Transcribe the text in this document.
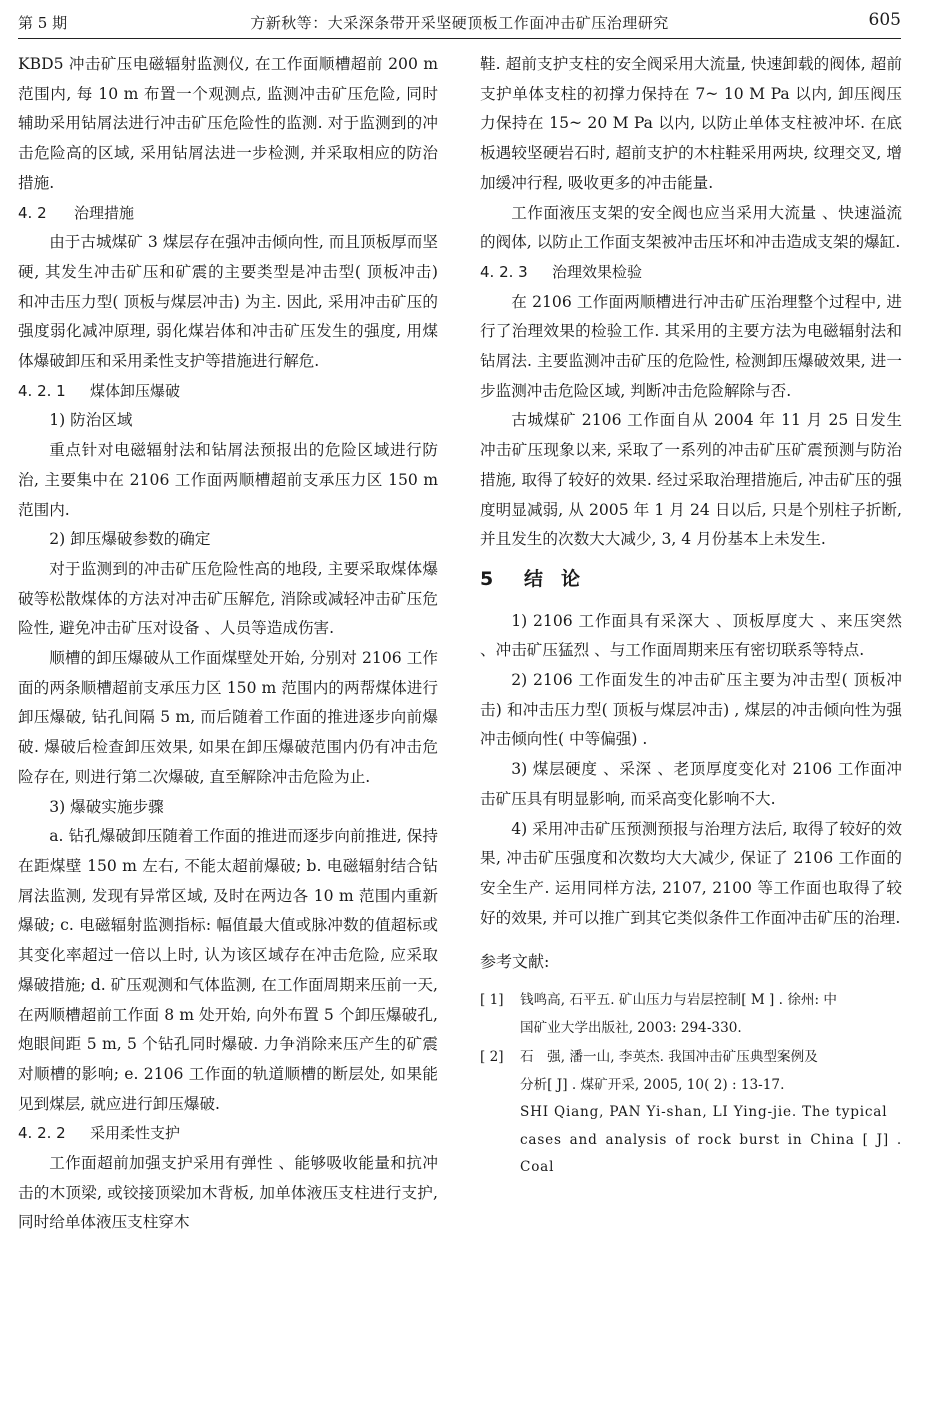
第 5 期	方新秋等：大采深条带开采坚硬顶板工作面冲击矿压治理研究	605

KBD5 冲击矿压电磁辐射监测仪, 在工作面顺槽超前 200 m 范围内, 每 10 m 布置一个观测点, 监测冲击矿压危险, 同时辅助采用钻屑法进行冲击矿压危险性的监测. 对于监测到的冲击危险高的区域, 采用钻屑法进一步检测, 并采取相应的防治措施.

4. 2 治理措施

由于古城煤矿 3 煤层存在强冲击倾向性, 而且顶板厚而坚硬, 其发生冲击矿压和矿震的主要类型是冲击型( 顶板冲击) 和冲击压力型( 顶板与煤层冲击) 为主. 因此, 采用冲击矿压的强度弱化减冲原理, 弱化煤岩体和冲击矿压发生的强度, 用煤体爆破卸压和采用柔性支护等措施进行解危.

4. 2. 1 煤体卸压爆破

1) 防治区域

重点针对电磁辐射法和钻屑法预报出的危险区域进行防治, 主要集中在 2106 工作面两顺槽超前支承压力区 150 m 范围内.

2) 卸压爆破参数的确定

对于监测到的冲击矿压危险性高的地段, 主要采取煤体爆破等松散煤体的方法对冲击矿压解危, 消除或减轻冲击矿压危险性, 避免冲击矿压对设备 、人员等造成伤害.

顺槽的卸压爆破从工作面煤壁处开始, 分别对 2106 工作面的两条顺槽超前支承压力区 150 m 范围内的两帮煤体进行卸压爆破, 钻孔间隔 5 m, 而后随着工作面的推进逐步向前爆破. 爆破后检查卸压效果, 如果在卸压爆破范围内仍有冲击危险存在, 则进行第二次爆破, 直至解除冲击危险为止.

3) 爆破实施步骤

a. 钻孔爆破卸压随着工作面的推进而逐步向前推进, 保持在距煤壁 150 m 左右, 不能太超前爆破; b. 电磁辐射结合钻屑法监测, 发现有异常区域, 及时在两边各 10 m 范围内重新爆破; c. 电磁辐射监测指标: 幅值最大值或脉冲数的值超标或其变化率超过一倍以上时, 认为该区域存在冲击危险, 应采取爆破措施; d. 矿压观测和气体监测, 在工作面周期来压前一天, 在两顺槽超前工作面 8 m 处开始, 向外布置 5 个卸压爆破孔, 炮眼间距 5 m, 5 个钻孔同时爆破. 力争消除来压产生的矿震对顺槽的影响; e. 2106 工作面的轨道顺槽的断层处, 如果能见到煤层, 就应进行卸压爆破.

4. 2. 2 采用柔性支护

工作面超前加强支护采用有弹性 、能够吸收能量和抗冲击的木顶梁, 或铰接顶梁加木背板, 加单体液压支柱进行支护, 同时给单体液压支柱穿木

鞋. 超前支护支柱的安全阀采用大流量, 快速卸载的阀体, 超前支护单体支柱的初撑力保持在 7~ 10 M Pa 以内, 卸压阀压力保持在 15~ 20 M Pa 以内, 以防止单体支柱被冲坏. 在底板遇较坚硬岩石时, 超前支护的木柱鞋采用两块, 纹理交叉, 增加缓冲行程, 吸收更多的冲击能量.

工作面液压支架的安全阀也应当采用大流量 、快速溢流的阀体, 以防止工作面支架被冲击压坏和冲击造成支架的爆缸.

4. 2. 3 治理效果检验

在 2106 工作面两顺槽进行冲击矿压治理整个过程中, 进行了治理效果的检验工作. 其采用的主要方法为电磁辐射法和钻屑法. 主要监测冲击矿压的危险性, 检测卸压爆破效果, 进一步监测冲击危险区域, 判断冲击危险解除与否.

古城煤矿 2106 工作面自从 2004 年 11 月 25 日发生冲击矿压现象以来, 采取了一系列的冲击矿压矿震预测与防治措施, 取得了较好的效果. 经过采取治理措施后, 冲击矿压的强度明显减弱, 从 2005 年 1 月 24 日以后, 只是个别柱子折断, 并且发生的次数大大减少, 3, 4 月份基本上未发生.

5 结论

1) 2106 工作面具有采深大 、顶板厚度大 、来压突然 、冲击矿压猛烈 、与工作面周期来压有密切联系等特点.

2) 2106 工作面发生的冲击矿压主要为冲击型( 顶板冲击) 和冲击压力型( 顶板与煤层冲击) , 煤层的冲击倾向性为强冲击倾向性( 中等偏强) .

3) 煤层硬度 、采深 、老顶厚度变化对 2106 工作面冲击矿压具有明显影响, 而采高变化影响不大.

4) 采用冲击矿压预测预报与治理方法后, 取得了较好的效果, 冲击矿压强度和次数均大大减少, 保证了 2106 工作面的安全生产. 运用同样方法, 2107, 2100 等工作面也取得了较好的效果, 并可以推广到其它类似条件工作面冲击矿压的治理.

参考文献:
[ 1]	钱鸣高, 石平五. 矿山压力与岩层控制[ M ] . 徐州: 中
国矿业大学出版社, 2003: 294-330.
[ 2]	石　强, 潘一山, 李英杰. 我国冲击矿压典型案例及
分析[ J] . 煤矿开采, 2005, 10( 2) : 13-17.
SHI Qiang, PAN Yi-shan, LI Ying-jie. The typical
cases and analysis of rock burst in China [ J] . Coal
